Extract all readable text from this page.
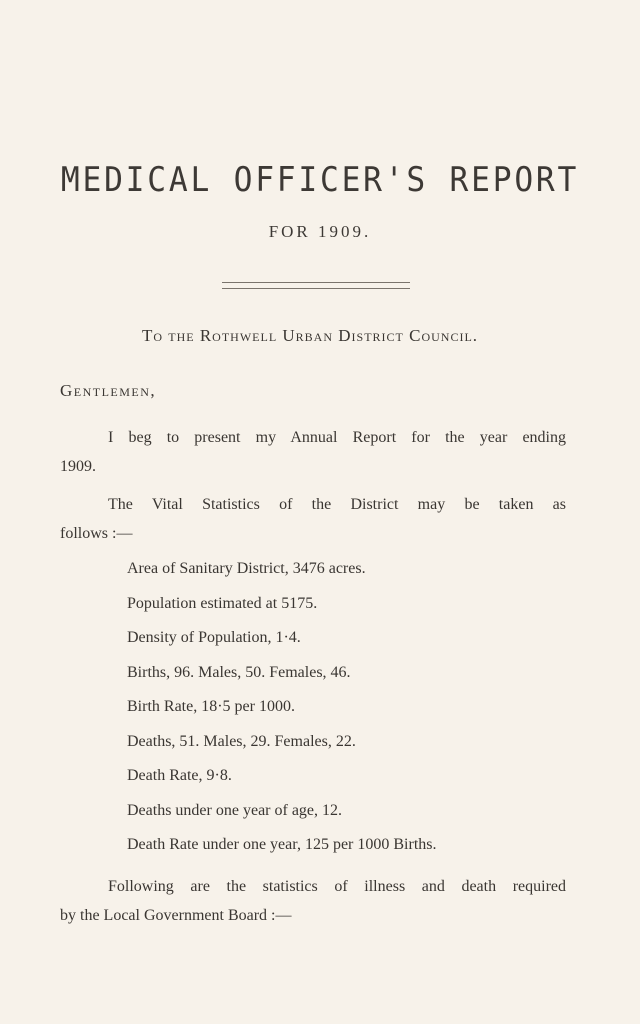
MEDICAL OFFICER'S REPORT
FOR 1909.
To the Rothwell Urban District Council.
Gentlemen,
I beg to present my Annual Report for the year ending
1909.
The Vital Statistics of the District may be taken as
follows :—
Area of Sanitary District, 3476 acres.
Population estimated at 5175.
Density of Population, 1·4.
Births, 96. Males, 50. Females, 46.
Birth Rate, 18·5 per 1000.
Deaths, 51. Males, 29. Females, 22.
Death Rate, 9·8.
Deaths under one year of age, 12.
Death Rate under one year, 125 per 1000 Births.
Following are the statistics of illness and death required
by the Local Government Board :—
